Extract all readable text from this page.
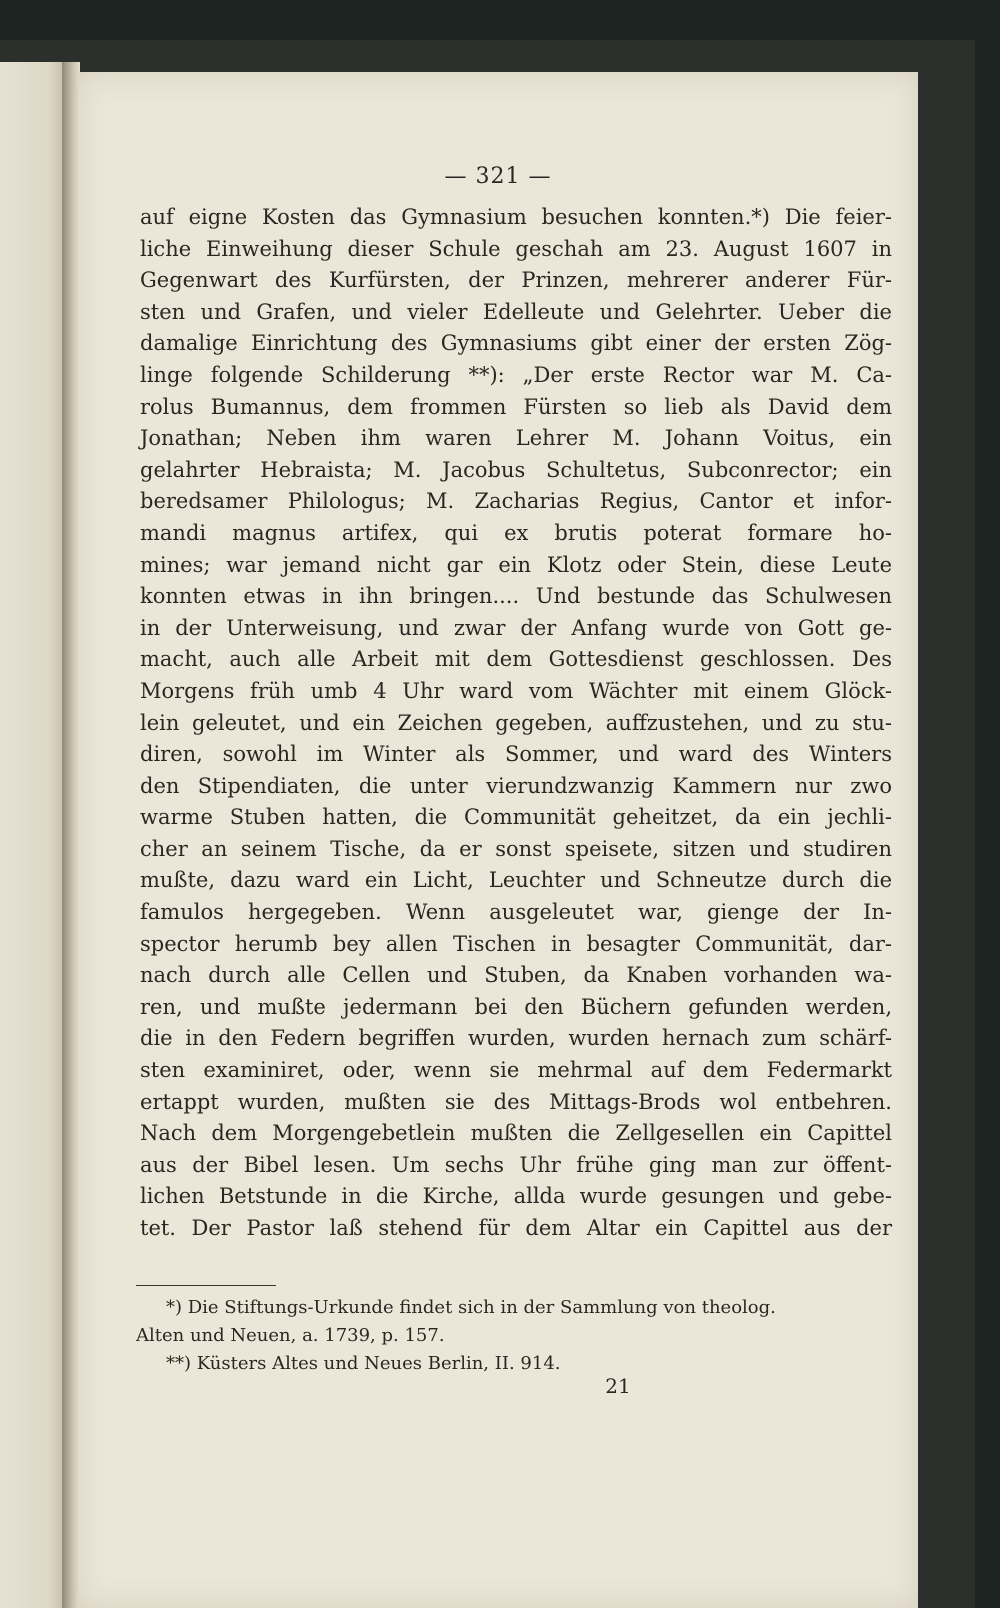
— 321 —
auf eigne Kosten das Gymnasium besuchen konnten.*) Die feier-
liche Einweihung dieser Schule geschah am 23. August 1607 in
Gegenwart des Kurfürsten, der Prinzen, mehrerer anderer Für-
sten und Grafen, und vieler Edelleute und Gelehrter. Ueber die
damalige Einrichtung des Gymnasiums gibt einer der ersten Zög-
linge folgende Schilderung **): „Der erste Rector war M. Ca-
rolus Bumannus, dem frommen Fürsten so lieb als David dem
Jonathan; Neben ihm waren Lehrer M. Johann Voitus, ein
gelahrter Hebraista; M. Jacobus Schultetus, Subconrector; ein
beredsamer Philologus; M. Zacharias Regius, Cantor et infor-
mandi magnus artifex, qui ex brutis poterat formare ho-
mines; war jemand nicht gar ein Klotz oder Stein, diese Leute
konnten etwas in ihn bringen.... Und bestunde das Schulwesen
in der Unterweisung, und zwar der Anfang wurde von Gott ge-
macht, auch alle Arbeit mit dem Gottesdienst geschlossen. Des
Morgens früh umb 4 Uhr ward vom Wächter mit einem Glöck-
lein geleutet, und ein Zeichen gegeben, auffzustehen, und zu stu-
diren, sowohl im Winter als Sommer, und ward des Winters
den Stipendiaten, die unter vierundzwanzig Kammern nur zwo
warme Stuben hatten, die Communität geheitzet, da ein jechli-
cher an seinem Tische, da er sonst speisete, sitzen und studiren
mußte, dazu ward ein Licht, Leuchter und Schneutze durch die
famulos hergegeben. Wenn ausgeleutet war, gienge der In-
spector herumb bey allen Tischen in besagter Communität, dar-
nach durch alle Cellen und Stuben, da Knaben vorhanden wa-
ren, und mußte jedermann bei den Büchern gefunden werden,
die in den Federn begriffen wurden, wurden hernach zum schärf-
sten examiniret, oder, wenn sie mehrmal auf dem Federmarkt
ertappt wurden, mußten sie des Mittags-Brods wol entbehren.
Nach dem Morgengebetlein mußten die Zellgesellen ein Capittel
aus der Bibel lesen. Um sechs Uhr frühe ging man zur öffent-
lichen Betstunde in die Kirche, allda wurde gesungen und gebe-
tet. Der Pastor laß stehend für dem Altar ein Capittel aus der
*) Die Stiftungs-Urkunde findet sich in der Sammlung von theolog.
Alten und Neuen, a. 1739, p. 157.
**) Küsters Altes und Neues Berlin, II. 914.
21
